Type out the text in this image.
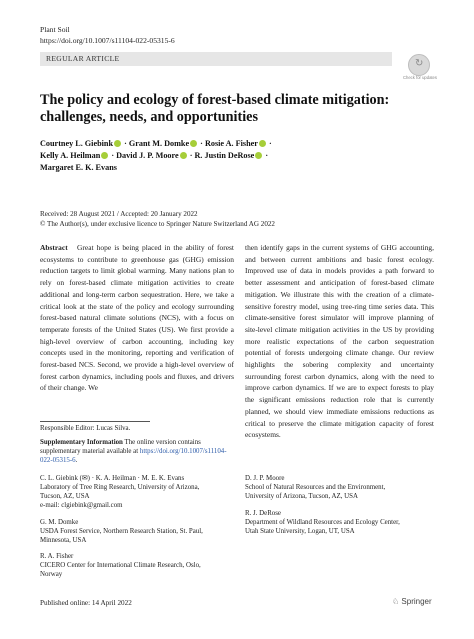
Plant Soil
https://doi.org/10.1007/s11104-022-05315-6
REGULAR ARTICLE	↻
Check for updates
The policy and ecology of forest-based climate mitigation: challenges, needs, and opportunities
Courtney L. Giebink · Grant M. Domke · Rosie A. Fisher ·
Kelly A. Heilman · David J. P. Moore · R. Justin DeRose ·
Margaret E. K. Evans
Received: 28 August 2021 / Accepted: 20 January 2022
© The Author(s), under exclusive licence to Springer Nature Switzerland AG 2022
Abstract Great hope is being placed in the ability of forest ecosystems to contribute to greenhouse gas (GHG) emission reduction targets to limit global warming. Many nations plan to rely on forest-based climate mitigation activities to create additional and long-term carbon sequestration. Here, we take a critical look at the state of the policy and ecology surrounding forest-based natural climate solutions (NCS), with a focus on temperate forests of the United States (US). We first provide a high-level overview of carbon accounting, including key concepts used in the monitoring, reporting and verification of forest-based NCS. Second, we provide a high-level overview of forest carbon dynamics, including pools and fluxes, and drivers of their change. We
then identify gaps in the current systems of GHG accounting, and between current ambitions and basic forest ecology. Improved use of data in models provides a path forward to better assessment and anticipation of forest-based climate mitigation. We illustrate this with the creation of a climate-sensitive forestry model, using tree-ring time series data. This climate-sensitive forest simulator will improve planning of site-level climate mitigation activities in the US by providing more realistic expectations of the carbon sequestration potential of forests undergoing climate change. Our review highlights the sobering complexity and uncertainty surrounding forest carbon dynamics, along with the need to improve carbon dynamics. If we are to expect forests to play the significant emissions reduction role that is currently planned, we should view immediate emissions reductions as critical to preserve the climate mitigation capacity of forest ecosystems.
Responsible Editor: Lucas Silva.
Supplementary Information The online version contains supplementary material available at https://doi.org/10.1007/s11104-022-05315-6.
C. L. Giebink (✉) · K. A. Heilman · M. E. K. Evans
Laboratory of Tree Ring Research, University of Arizona,
Tucson, AZ, USA
e-mail: clgiebink@gmail.com
G. M. Domke
USDA Forest Service, Northern Research Station, St. Paul,
Minnesota, USA
R. A. Fisher
CICERO Center for International Climate Research, Oslo,
Norway
D. J. P. Moore
School of Natural Resources and the Environment,
University of Arizona, Tucson, AZ, USA
R. J. DeRose
Department of Wildland Resources and Ecology Center,
Utah State University, Logan, UT, USA
Published online: 14 April 2022	♘ Springer
